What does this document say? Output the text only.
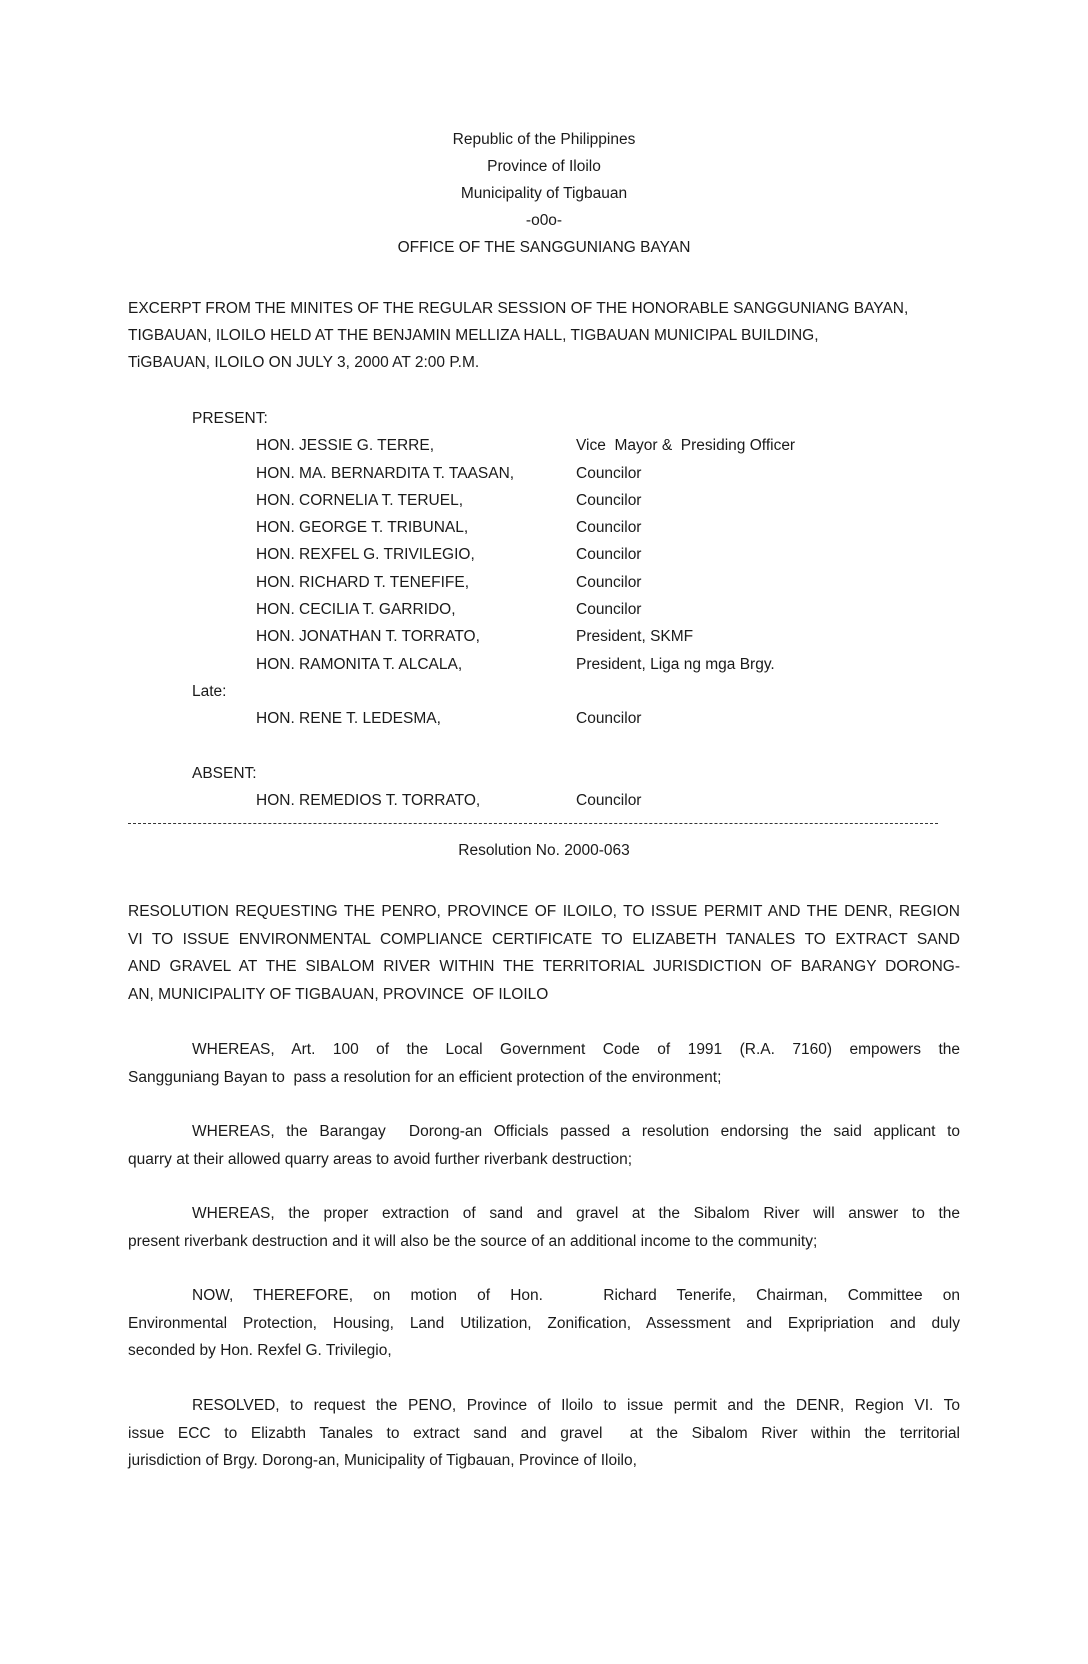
Republic of the Philippines
Province of Iloilo
Municipality of Tigbauan
-o0o-
OFFICE OF THE SANGGUNIANG BAYAN
EXCERPT FROM THE MINITES OF THE REGULAR SESSION OF THE HONORABLE SANGGUNIANG BAYAN,
TIGBAUAN, ILOILO HELD AT THE BENJAMIN MELLIZA HALL, TIGBAUAN MUNICIPAL BUILDING,
TiGBAUAN, ILOILO ON JULY 3, 2000 AT 2:00 P.M.
PRESENT:
HON. JESSIE G. TERRE,	Vice  Mayor &  Presiding Officer
HON. MA. BERNARDITA T. TAASAN,	Councilor
HON. CORNELIA T. TERUEL,	Councilor
HON. GEORGE T. TRIBUNAL,	Councilor
HON. REXFEL G. TRIVILEGIO,	Councilor
HON. RICHARD T. TENEFIFE,	Councilor
HON. CECILIA T. GARRIDO,	Councilor
HON. JONATHAN T. TORRATO,	President, SKMF
HON. RAMONITA T. ALCALA,	President, Liga ng mga Brgy.
Late:
HON. RENE T. LEDESMA,	Councilor
ABSENT:
HON. REMEDIOS T. TORRATO,	Councilor
Resolution No. 2000-063
RESOLUTION REQUESTING THE PENRO, PROVINCE OF ILOILO, TO ISSUE PERMIT AND THE DENR, REGION
VI TO ISSUE ENVIRONMENTAL COMPLIANCE CERTIFICATE TO ELIZABETH TANALES TO EXTRACT SAND
AND GRAVEL AT THE SIBALOM RIVER WITHIN THE TERRITORIAL JURISDICTION OF BARANGY DORONG-
AN, MUNICIPALITY OF TIGBAUAN, PROVINCE  OF ILOILO
WHEREAS, Art. 100 of the Local Government Code of 1991 (R.A. 7160) empowers the
Sangguniang Bayan to  pass a resolution for an efficient protection of the environment;
WHEREAS, the Barangay  Dorong-an Officials passed a resolution endorsing the said applicant to
quarry at their allowed quarry areas to avoid further riverbank destruction;
WHEREAS, the proper extraction of sand and gravel at the Sibalom River will answer to the
present riverbank destruction and it will also be the source of an additional income to the community;
NOW, THEREFORE, on motion of Hon.   Richard Tenerife, Chairman, Committee on
Environmental Protection, Housing, Land Utilization, Zonification, Assessment and Expripriation and duly
seconded by Hon. Rexfel G. Trivilegio,
RESOLVED, to request the PENO, Province of Iloilo to issue permit and the DENR, Region VI. To
issue ECC to Elizabth Tanales to extract sand and gravel  at the Sibalom River within the territorial
jurisdiction of Brgy. Dorong-an, Municipality of Tigbauan, Province of Iloilo,
